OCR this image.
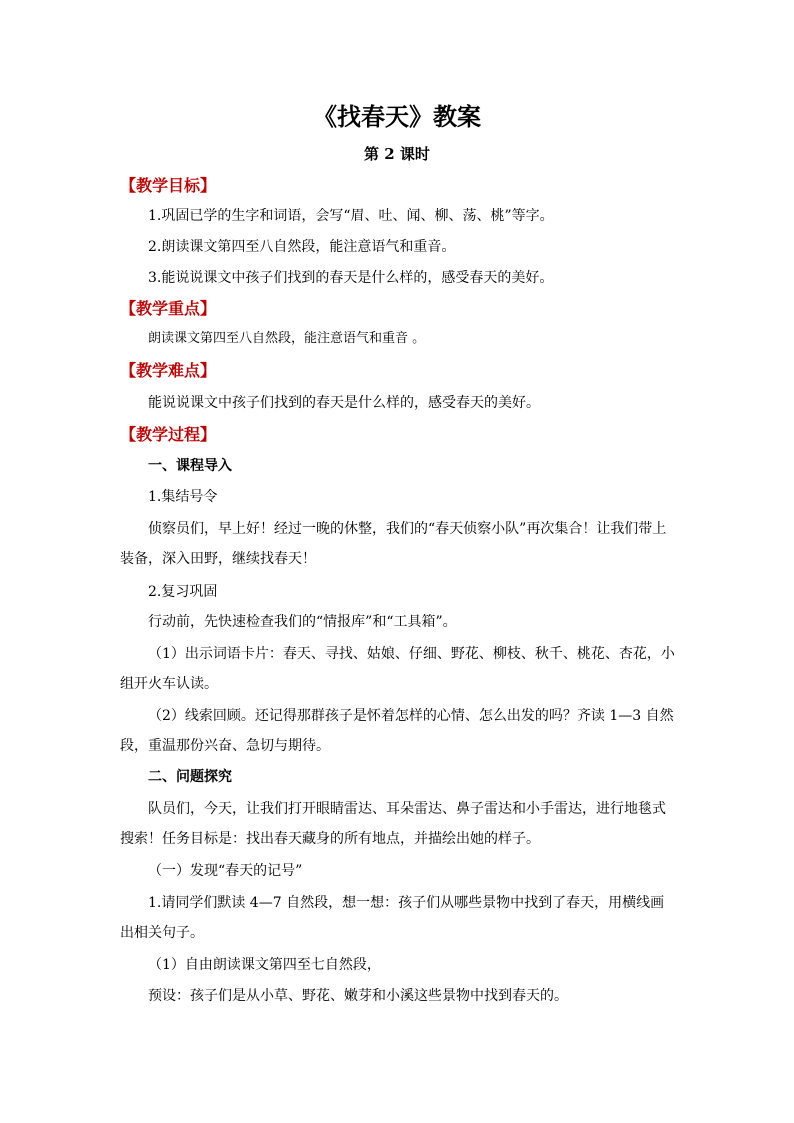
《找春天》教案
第 2 课时
【教学目标】

1.巩固已学的生字和词语，会写“眉、吐、闻、柳、荡、桃”等字。

2.朗读课文第四至八自然段，能注意语气和重音。

3.能说说课文中孩子们找到的春天是什么样的，感受春天的美好。

【教学重点】

朗读课文第四至八自然段，能注意语气和重音 。

【教学难点】

能说说课文中孩子们找到的春天是什么样的，感受春天的美好。

【教学过程】

一、课程导入

1.集结号令

侦察员们，早上好！经过一晚的休整，我们的“春天侦察小队”再次集合！让我们带上装备，深入田野，继续找春天！

2.复习巩固

行动前，先快速检查我们的“情报库”和“工具箱”。

（1）出示词语卡片：春天、寻找、姑娘、仔细、野花、柳枝、秋千、桃花、杏花，小组开火车认读。

（2）线索回顾。还记得那群孩子是怀着怎样的心情、怎么出发的吗？齐读 1—3 自然段，重温那份兴奋、急切与期待。

二、问题探究

队员们，今天，让我们打开眼睛雷达、耳朵雷达、鼻子雷达和小手雷达，进行地毯式搜索！任务目标是：找出春天藏身的所有地点，并描绘出她的样子。

（一）发现“春天的记号”

1.请同学们默读 4—7 自然段，想一想：孩子们从哪些景物中找到了春天，用横线画出相关句子。

（1）自由朗读课文第四至七自然段，

预设：孩子们是从小草、野花、嫩芽和小溪这些景物中找到春天的。
